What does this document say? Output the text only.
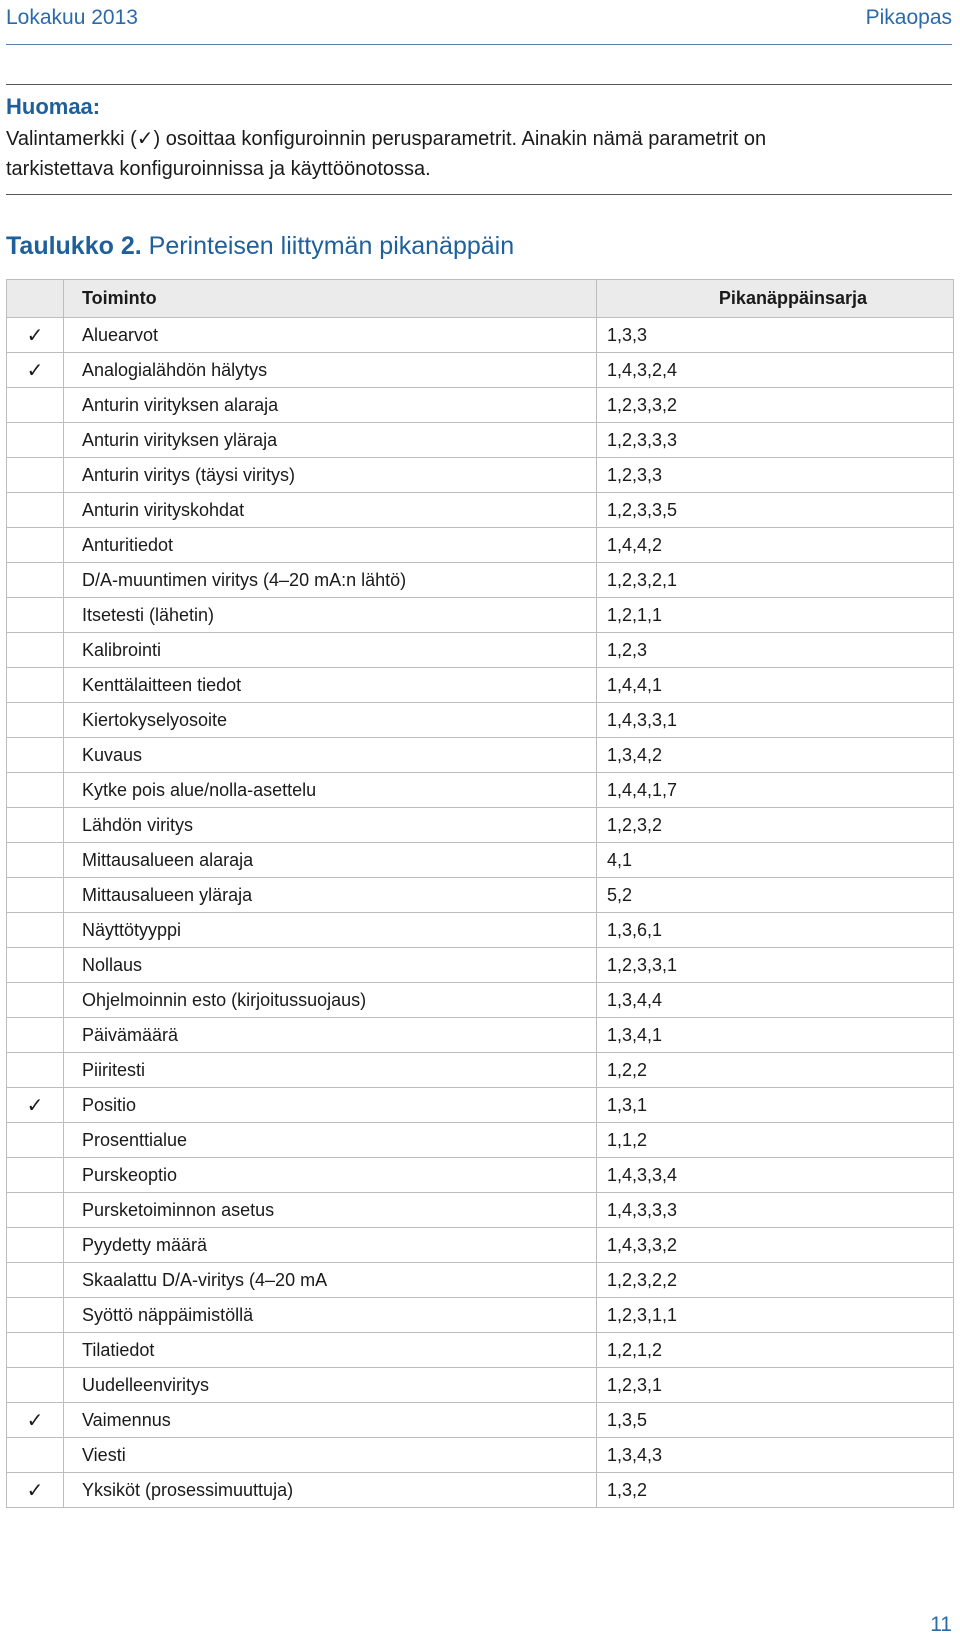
Lokakuu 2013	Pikaopas
Huomaa:
Valintamerkki (✓) osoittaa konfiguroinnin perusparametrit. Ainakin nämä parametrit on tarkistettava konfiguroinnissa ja käyttöönotossa.
Taulukko 2. Perinteisen liittymän pikanäppäin
	Toiminto	Pikanäppäinsarja
✓	Aluearvot	1,3,3
✓	Analogialähdön hälytys	1,4,3,2,4
	Anturin virityksen alaraja	1,2,3,3,2
	Anturin virityksen yläraja	1,2,3,3,3
	Anturin viritys (täysi viritys)	1,2,3,3
	Anturin virityskohdat	1,2,3,3,5
	Anturitiedot	1,4,4,2
	D/A-muuntimen viritys (4–20 mA:n lähtö)	1,2,3,2,1
	Itsetesti (lähetin)	1,2,1,1
	Kalibrointi	1,2,3
	Kenttälaitteen tiedot	1,4,4,1
	Kiertokyselyosoite	1,4,3,3,1
	Kuvaus	1,3,4,2
	Kytke pois alue/nolla-asettelu	1,4,4,1,7
	Lähdön viritys	1,2,3,2
	Mittausalueen alaraja	4,1
	Mittausalueen yläraja	5,2
	Näyttötyyppi	1,3,6,1
	Nollaus	1,2,3,3,1
	Ohjelmoinnin esto (kirjoitussuojaus)	1,3,4,4
	Päivämäärä	1,3,4,1
	Piiritesti	1,2,2
✓	Positio	1,3,1
	Prosenttialue	1,1,2
	Purskeoptio	1,4,3,3,4
	Pursketoiminnon asetus	1,4,3,3,3
	Pyydetty määrä	1,4,3,3,2
	Skaalattu D/A-viritys (4–20 mA	1,2,3,2,2
	Syöttö näppäimistöllä	1,2,3,1,1
	Tilatiedot	1,2,1,2
	Uudelleenviritys	1,2,3,1
✓	Vaimennus	1,3,5
	Viesti	1,3,4,3
✓	Yksiköt (prosessimuuttuja)	1,3,2
11
